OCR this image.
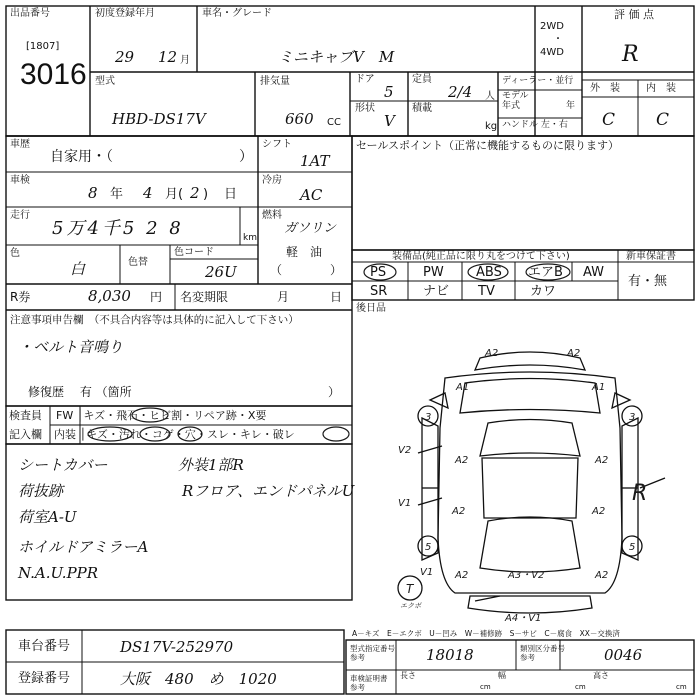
出品番号
[1807]
3016
初度登録年月
29 12 月
車名・グレード
ミニキャブV　M
2WD
・
4WD
評 価 点
R
型式
HBD-DS17V
排気量
660 CC
ドア
5
定員
2/4 人
形状
V
積載
kg
ディーラー・並行
モデル
年式	年
ハンドル 左・右
外　装	内　装
C C
車歴
自家用・（　　　　　　　　　）
シフト
1AT
車検
8 年 4 月 ( 2 ) 日
冷房
AC
走行
5万4千5 2 8	km
燃料
ガソリン
軽　油
（　　　　）
色
白	色替
色コード
26U
R券	8,030 円 名変期限	月	日
注意事項申告欄　（不具合内容等は具体的に記入して下さい）
・ベルト音鳴り
修復歴　 有 （箇所	）
検査員
記入欄
FW │キズ・飛石・ヒビ割・リペア跡・X要
内装 │キズ・汚れ・コゲ・穴・スレ・キレ・破レ
シートカバー
荷抜跡
荷室A-U
ホイルドアミラーA
N.A.U.PPR
外装1部R
Rフロア、エンドパネルU
セールスポイント（正常に機能するものに限ります）
装備品(純正品に限り丸をつけて下さい)	新車保証書
有・無
PS	PW ABS エアB AW
SR	ナビ TV	カワ
後日品
A2	A2
A1	A1
3	3
V2
A2	A2
V1
A2	A2
5	5
V1 A2	A3・V2	A2
A4・V1
T
エクボ
R
車台番号	DS17V-252970
登録番号	大阪　480　め　1020
A－キズ　E－エクボ　U－凹み　W－補修跡　S－サビ　C－腐食　XX－交換済
型式指定番号
参考	18018	類別区分番号
参考	0046
車検証明書
参考
長さ
cm
幅
cm
高さ
cm
